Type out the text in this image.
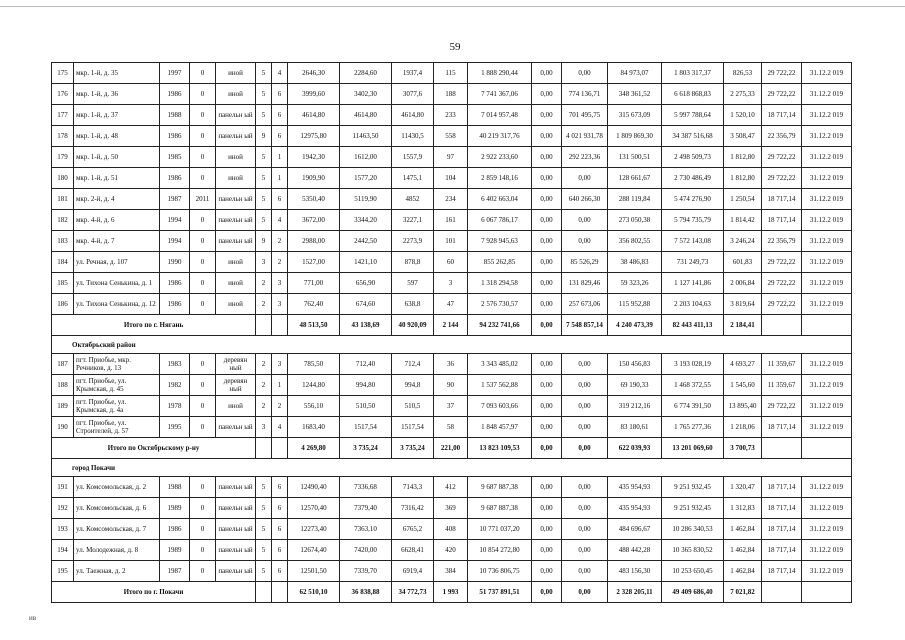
59
175	мкр. 1-й, д. 35	1997	0	иной	5	4	2646,30	2284,60	1937,4	115	1 888 290,44	0,00	0,00	84 973,07	1 803 317,37	826,53	29 722,22	31.12.2 019
176	мкр. 1-й, д. 36	1986	0	иной	5	6	3999,60	3402,30	3077,6	188	7 741 367,06	0,00	774 136,71	348 361,52	6 618 868,83	2 275,33	29 722,22	31.12.2 019
177	мкр. 1-й, д. 37	1988	0	панельн ый	5	6	4614,80	4614,80	4614,80	233	7 014 957,48	0,00	701 495,75	315 673,09	5 997 788,64	1 520,10	18 717,14	31.12.2 019
178	мкр. 1-й, д. 48	1986	0	панельн ый	9	6	12975,80	11463,50	11430,5	558	40 219 317,76	0,00	4 021 931,78	1 809 869,30	34 387 516,68	3 508,47	22 356,79	31.12.2 019
179	мкр. 1-й, д. 50	1985	0	иной	5	1	1942,30	1612,00	1557,9	97	2 922 233,60	0,00	292 223,36	131 500,51	2 498 509,73	1 812,80	29 722,22	31.12.2 019
180	мкр. 1-й, д. 51	1986	0	иной	5	1	1909,90	1577,20	1475,1	104	2 859 148,16	0,00	0,00	128 661,67	2 730 486,49	1 812,80	29 722,22	31.12.2 019
181	мкр. 2-й, д. 4	1987	2011	панельн ый	5	6	5350,40	5119,90	4852	234	6 402 663,04	0,00	640 266,30	288 119,84	5 474 276,90	1 250,54	18 717,14	31.12.2 019
182	мкр. 4-й, д. 6	1994	0	панельн ый	5	4	3672,00	3344,20	3227,1	161	6 067 786,17	0,00	0,00	273 050,38	5 794 735,79	1 814,42	18 717,14	31.12.2 019
183	мкр. 4-й, д. 7	1994	0	панельн ый	9	2	2988,00	2442,50	2273,9	101	7 928 945,63	0,00	0,00	356 802,55	7 572 143,08	3 246,24	22 356,79	31.12.2 019
184	ул. Речная, д. 107	1990	0	иной	3	2	1527,00	1421,10	878,8	60	855 262,85	0,00	85 526,29	38 486,83	731 249,73	601,83	29 722,22	31.12.2 019
185	ул. Тихона Сенькина, д. 1	1986	0	иной	2	3	771,00	656,90	597	3	1 318 294,58	0,00	131 829,46	59 323,26	1 127 141,86	2 006,84	29 722,22	31.12.2 019
186	ул. Тихона Сенькина, д. 12	1986	0	иной	2	3	762,40	674,60	638,8	47	2 576 730,57	0,00	257 673,06	115 952,88	2 203 104,63	3 819,64	29 722,22	31.12.2 019
Итого по г. Нягань							48 513,50	43 138,69	40 920,09	2 144	94 232 741,66	0,00	7 548 857,14	4 240 473,39	82 443 411,13	2 184,41		
Октябрьский район																		
187	пгт. Приобье, мкр. Речников, д. 13	1983	0	деревян ный	2	3	785,50	712,40	712,4	36	3 343 485,02	0,00	0,00	150 456,83	3 193 028,19	4 693,27	11 359,67	31.12.2 019
188	пгт. Приобье, ул. Крымская, д. 45	1982	0	деревян ный	2	1	1244,80	994,80	994,8	90	1 537 562,88	0,00	0,00	69 190,33	1 468 372,55	1 545,60	11 359,67	31.12.2 019
189	пгт. Приобье, ул. Крымская, д. 4а	1978	0	иной	2	2	556,10	510,50	510,5	37	7 093 603,66	0,00	0,00	319 212,16	6 774 391,50	13 895,40	29 722,22	31.12.2 019
190	пгт. Приобье, ул. Строителей, д. 57	1995	0	панельн ый	3	4	1683,40	1517,54	1517,54	58	1 848 457,97	0,00	0,00	83 180,61	1 765 277,36	1 218,06	18 717,14	31.12.2 019
Итого по Октябрьскому р-ну							4 269,80	3 735,24	3 735,24	221,00	13 823 109,53	0,00	0,00	622 039,93	13 201 069,60	3 700,73		
город Покачи																		
191	ул. Комсомольская, д. 2	1988	0	панельн ый	5	6	12490,40	7336,68	7143,3	412	9 687 887,38	0,00	0,00	435 954,93	9 251 932,45	1 320,47	18 717,14	31.12.2 019
192	ул. Комсомольская, д. 6	1989	0	панельн ый	5	6	12570,40	7379,40	7316,42	369	9 687 887,38	0,00	0,00	435 954,93	9 251 932,45	1 312,83	18 717,14	31.12.2 019
193	ул. Комсомольская, д. 7	1986	0	панельн ый	5	6	12273,40	7363,10	6765,2	408	10 771 037,20	0,00	0,00	484 696,67	10 286 340,53	1 462,84	18 717,14	31.12.2 019
194	ул. Молодежная, д. 8	1989	0	панельн ый	5	6	12674,40	7420,00	6628,41	420	10 854 272,80	0,00	0,00	488 442,28	10 365 830,52	1 462,84	18 717,14	31.12.2 019
195	ул. Таежная, д. 2	1987	0	панельн ый	5	6	12501,50	7339,70	6919,4	384	10 736 806,75	0,00	0,00	483 156,30	10 253 650,45	1 462,84	18 717,14	31.12.2 019
Итого по г. Покачи							62 510,10	36 838,88	34 772,73	1 993	51 737 891,51	0,00	0,00	2 328 205,11	49 409 686,40	7 021,82		
ив
